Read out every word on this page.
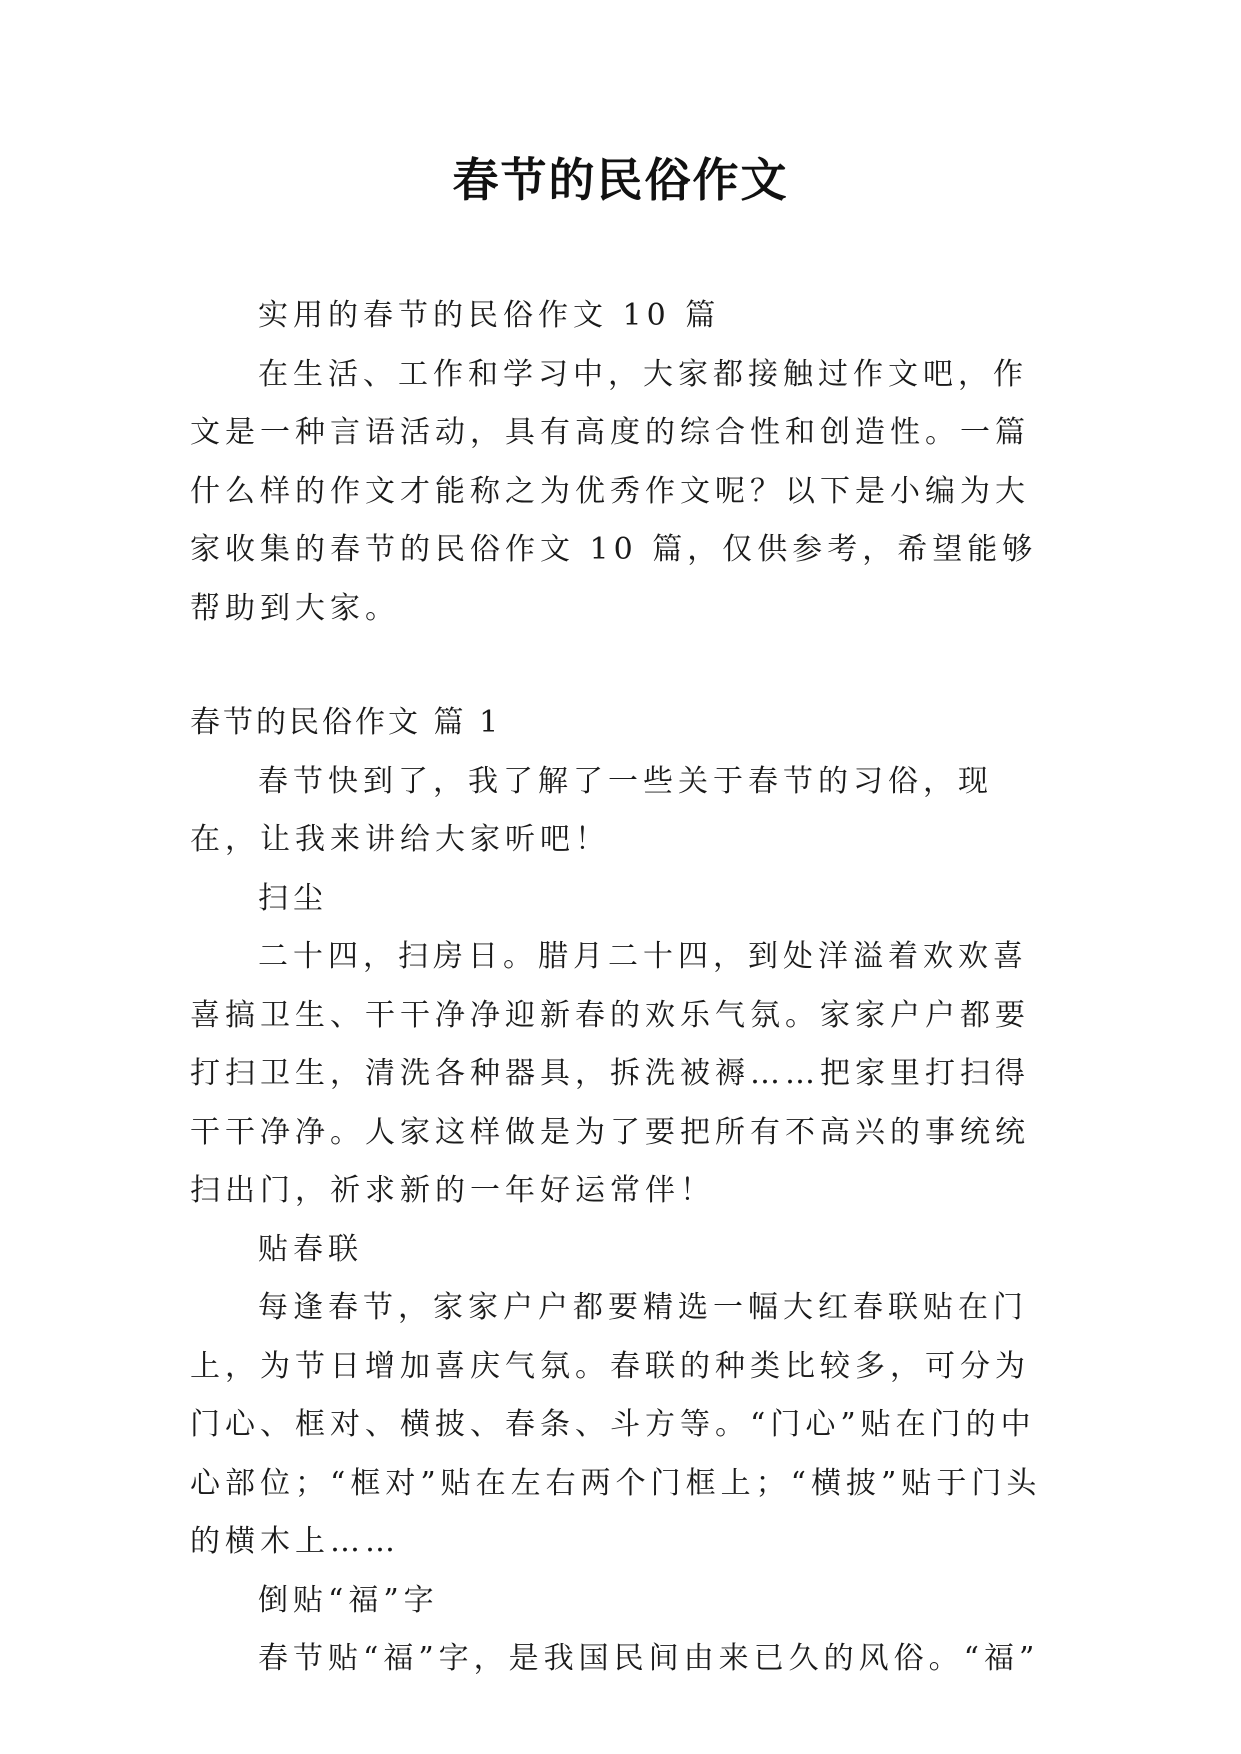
春节的民俗作文

实用的春节的民俗作文 10 篇

在生活、工作和学习中，大家都接触过作文吧，作文是一种言语活动，具有高度的综合性和创造性。一篇什么样的作文才能称之为优秀作文呢？以下是小编为大家收集的春节的民俗作文 10 篇，仅供参考，希望能够帮助到大家。

春节的民俗作文 篇 1

春节快到了，我了解了一些关于春节的习俗，现在，让我来讲给大家听吧！

扫尘

二十四，扫房日。腊月二十四，到处洋溢着欢欢喜喜搞卫生、干干净净迎新春的欢乐气氛。家家户户都要打扫卫生，清洗各种器具，拆洗被褥……把家里打扫得干干净净。人家这样做是为了要把所有不高兴的事统统扫出门，祈求新的一年好运常伴！

贴春联

每逢春节，家家户户都要精选一幅大红春联贴在门上，为节日增加喜庆气氛。春联的种类比较多，可分为门心、框对、横披、春条、斗方等。“门心”贴在门的中心部位；“框对”贴在左右两个门框上；“横披”贴于门头的横木上……

倒贴“福”字

春节贴“福”字，是我国民间由来已久的风俗。“福”
